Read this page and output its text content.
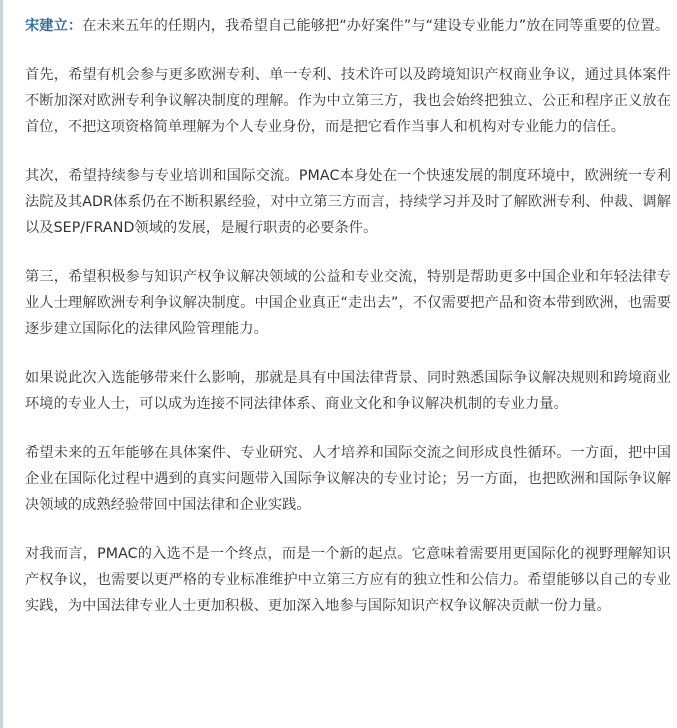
宋建立：在未来五年的任期内，我希望自己能够把“办好案件”与“建设专业能力”放在同等重要的位置。

首先，希望有机会参与更多欧洲专利、单一专利、技术许可以及跨境知识产权商业争议，通过具体案件不断加深对欧洲专利争议解决制度的理解。作为中立第三方，我也会始终把独立、公正和程序正义放在首位，不把这项资格简单理解为个人专业身份，而是把它看作当事人和机构对专业能力的信任。

其次，希望持续参与专业培训和国际交流。PMAC本身处在一个快速发展的制度环境中，欧洲统一专利法院及其ADR体系仍在不断积累经验，对中立第三方而言，持续学习并及时了解欧洲专利、仲裁、调解以及SEP/FRAND领域的发展，是履行职责的必要条件。

第三，希望积极参与知识产权争议解决领域的公益和专业交流，特别是帮助更多中国企业和年轻法律专业人士理解欧洲专利争议解决制度。中国企业真正“走出去”，不仅需要把产品和资本带到欧洲，也需要逐步建立国际化的法律风险管理能力。

如果说此次入选能够带来什么影响，那就是具有中国法律背景、同时熟悉国际争议解决规则和跨境商业环境的专业人士，可以成为连接不同法律体系、商业文化和争议解决机制的专业力量。

希望未来的五年能够在具体案件、专业研究、人才培养和国际交流之间形成良性循环。一方面，把中国企业在国际化过程中遇到的真实问题带入国际争议解决的专业讨论；另一方面，也把欧洲和国际争议解决领域的成熟经验带回中国法律和企业实践。

对我而言，PMAC的入选不是一个终点，而是一个新的起点。它意味着需要用更国际化的视野理解知识产权争议，也需要以更严格的专业标准维护中立第三方应有的独立性和公信力。希望能够以自己的专业实践，为中国法律专业人士更加积极、更加深入地参与国际知识产权争议解决贡献一份力量。
